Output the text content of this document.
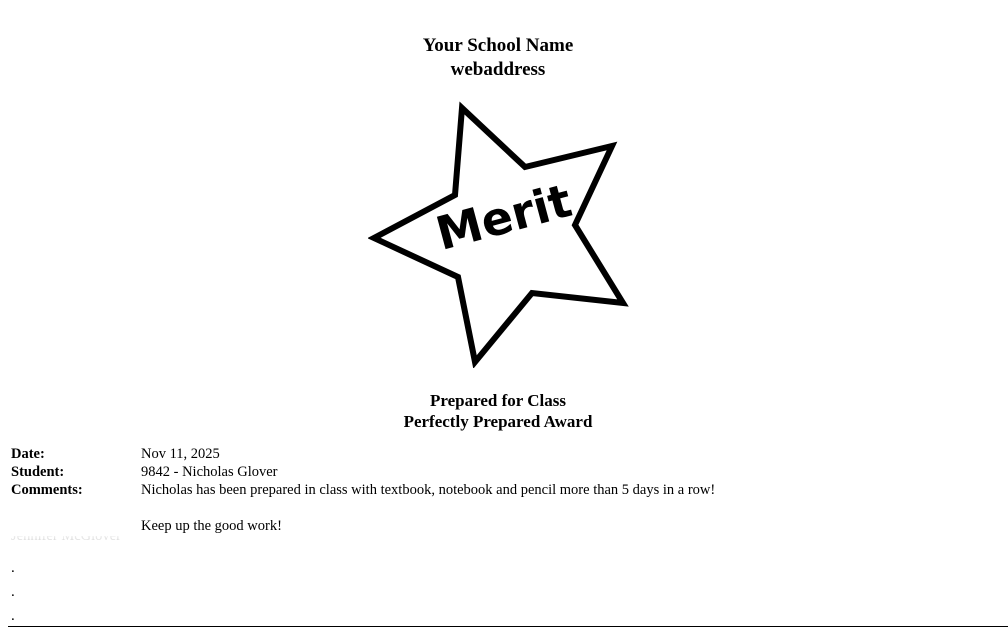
Your School Name
webaddress
Merit
Prepared for Class
Perfectly Prepared Award
Date:	Nov 11, 2025
Student:	9842 - Nicholas Glover
Comments:	Nicholas has been prepared in class with textbook, notebook and pencil more than 5 days in a row!
Keep up the good work!
.
.
.
